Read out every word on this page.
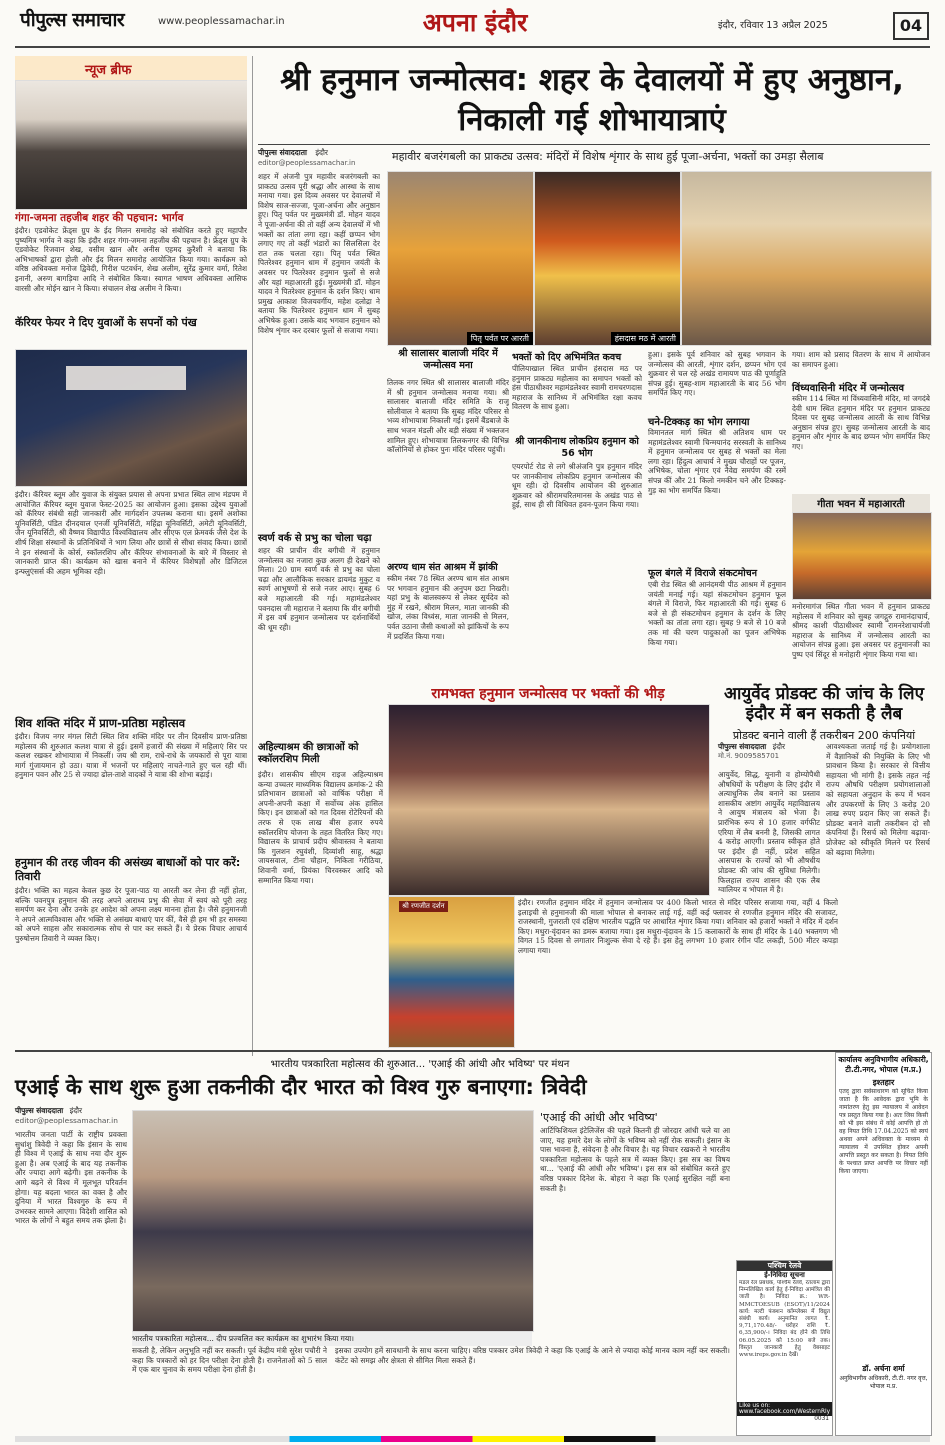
पीपुल्स समाचार	www.peoplessamachar.in	अपना इंदौर	इंदौर, रविवार 13 अप्रैल 2025	04
न्यूज ब्रीफ
गंगा-जमना तहजीब शहर की पहचान: भार्गव
इंदौर। एडवोकेट फ्रेंड्स ग्रुप के ईद मिलन समारोह को संबोधित करते हुए महापौर पुष्यमित्र भार्गव ने कहा कि इंदौर शहर गंगा-जमना तहजीब की पहचान है। फ्रेंड्स ग्रुप के एडवोकेट रिजवान शेख, वसीम खान और अनीस एहमद कुरैशी ने बताया कि अभिभाषकों द्वारा होली और ईद मिलन समारोह आयोजित किया गया। कार्यक्रम को वरिष्ठ अधिवक्ता मनोज द्विवेदी, गिरीश पटवर्धन, शेख अलीम, सुरेंद्र कुमार वर्मा, रितेश इनानी, अरुण बागड़िया आदि ने संबोधित किया। स्वागत भाषण अधिवक्ता आसिफ वारसी और मोईन खान ने किया। संचालन शेख अलीम ने किया।
कॅरियर फेयर ने दिए युवाओं के सपनों को पंख
इंदौर। कॅरियर ब्लूम और युवाज के संयुक्त प्रयास से अपना प्रभात स्थित लाभ मंडपम में आयोजित कॅरियर ब्लूम युवाज फेस्ट-2025 का आयोजन हुआ। इसका उद्देश्य युवाओं को कॅरियर संबंधी सही जानकारी और मार्गदर्शन उपलब्ध कराना था। इसमें अशोका यूनिवर्सिटी, पंडित दीनदयाल एनर्जी यूनिवर्सिटी, महिंद्रा यूनिवर्सिटी, अमेटी यूनिवर्सिटी, जैन यूनिवर्सिटी, श्री वैष्णव विद्यापीठ विश्वविद्यालय और सीएफ एल फ्रेमवर्क जैसे देश के शीर्ष शिक्षा संस्थानों के प्रतिनिधियों ने भाग लिया और छात्रों से सीधा संवाद किया। छात्रों ने इन संस्थानों के कोर्स, स्कॉलरशिप और कॅरियर संभावनाओं के बारे में विस्तार से जानकारी प्राप्त की। कार्यक्रम को खास बनाने में कॅरियर विशेषज्ञों और डिजिटल इन्फ्लुएंसर्स की अहम भूमिका रही।
शिव शक्ति मंदिर में प्राण-प्रतिष्ठा महोत्सव
इंदौर। विजय नगर मंगल सिटी स्थित शिव शक्ति मंदिर पर तीन दिवसीय प्राण-प्रतिष्ठा महोत्सव की शुरुआत कलश यात्रा से हुई। इसमें हजारों की संख्या में महिलाएं सिर पर कलश रखकर शोभायात्रा में निकलीं। जय श्री राम, राधे-राधे के जयकारों से पूरा यात्रा मार्ग गुंजायमान हो उठा। यात्रा में भजनों पर महिलाएं नाचते-गाते हुए चल रही थीं। हनुमान पवन और 25 से ज्यादा ढोल-ताशे वादकों ने यात्रा की शोभा बढ़ाई।
हनुमान की तरह जीवन की असंख्य बाधाओं को पार करें: तिवारी
इंदौर। भक्ति का महत्व केवल कुछ देर पूजा-पाठ या आरती कर लेना ही नहीं होता, बल्कि पवनपुत्र हनुमान की तरह अपने आराध्य प्रभु की सेवा में स्वयं को पूरी तरह समर्पण कर देना और उनके हर आदेश को अपना लक्ष्य मानना होता है। जैसे हनुमानजी ने अपने आत्मविश्वास और भक्ति से असंख्य बाधाएं पार कीं, वैसे ही हम भी हर समस्या को अपने साहस और सकारात्मक सोच से पार कर सकते हैं। ये प्रेरक विचार आचार्य पुरुषोत्तम तिवारी ने व्यक्त किए।
श्री हनुमान जन्मोत्सव: शहर के देवालयों में हुए अनुष्ठान, निकाली गई शोभायात्राएं
पीपुल्स संवाददाता इंदौर
editor@peoplessamachar.in	महावीर बजरंगबली का प्राकट्य उत्सव: मंदिरों में विशेष शृंगार के साथ हुई पूजा-अर्चना, भक्तों का उमड़ा सैलाब
शहर में अंजनी पुत्र महावीर बजरंगबली का प्राकट्य उत्सव पूरी श्रद्धा और आस्था के साथ मनाया गया। इस दिव्य अवसर पर देवालयों में विशेष साज-सज्जा, पूजा-अर्चना और अनुष्ठान हुए। पितृ पर्वत पर मुख्यमंत्री डॉ. मोहन यादव ने पूजा-अर्चना की तो वहीं अन्य देवालयों में भी भक्तों का तांता लगा रहा। कहीं छप्पन भोग लगाए गए तो कहीं भंडारों का सिलसिला देर रात तक चलता रहा। पितृ पर्वत स्थित पितरेश्वर हनुमान धाम में हनुमान जयंती के अवसर पर पितरेश्वर हनुमान फूलों से सजे और यहां महाआरती हुई। मुख्यमंत्री डॉ. मोहन यादव ने पितरेश्वर हनुमान के दर्शन किए। धाम प्रमुख आकाश विजयवर्गीय, महेश दलोद्रा ने बताया कि पितरेश्वर हनुमान धाम में सुबह अभिषेक हुआ। उसके बाद भगवान हनुमान को विशेष शृंगार कर दरबार फूलों से सजाया गया।
स्वर्ण वर्क से प्रभु का चोला चढ़ा
शहर की प्राचीन वीर बगीची में हनुमान जन्मोत्सव का नजारा कुछ अलग ही देखने को मिला। 20 ग्राम स्वर्ण वर्क से प्रभु का चोला चढ़ा और आलौकिक सरकार डायमंड मुकुट व स्वर्ण आभूषणों से सजे नजर आए। सुबह 6 बजे महाआरती की गई। महामंडलेश्वर पवनदास जी महाराज ने बताया कि वीर बगीची में इस वर्ष हनुमान जन्मोत्सव पर दर्शनार्थियों की धूम रही।
पितृ पर्वत पर आरती	हंसदास मठ में आरती
श्री सालासर बालाजी मंदिर में जन्मोत्सव मना
तिलक नगर स्थित श्री सालासर बालाजी मंदिर में श्री हनुमान जन्मोत्सव मनाया गया। श्री सालासर बालाजी मंदिर समिति के राजू सोलीवाल ने बताया कि सुबह मंदिर परिसर से भव्य शोभायात्रा निकाली गई। इसमें बैंडबाजे के साथ भजन मंडली और बड़ी संख्या में भक्तजन शामिल हुए। शोभायात्रा तिलकनगर की विभिन्न कॉलोनियों से होकर पुनः मंदिर परिसर पहुंची।
अरण्य धाम संत आश्रम में झांकी
स्कीम नंबर 78 स्थित अरण्य धाम संत आश्रम पर भगवान हनुमान की अनुपम छटा निखरी। यहां प्रभु के बालस्वरूप से लेकर सूर्यदेव को मुंह में रखने, श्रीराम मिलन, माता जानकी की खोज, लंका विध्वंस, माता जानकी से मिलन, पर्वत उठाना जैसी कथाओं को झांकियों के रूप में प्रदर्शित किया गया।
भक्तों को दिए अभिमंत्रित कवच
पीलियाखाल स्थित प्राचीन हंसदास मठ पर हनुमान प्राकट्य महोत्सव का समापन भक्तों को हंस पीठाधीश्वर महामंडलेश्वर स्वामी रामचरणदास महाराज के सानिध्य में अभिमंत्रित रक्षा कवच वितरण के साथ हुआ।
श्री जानकीनाथ लोकप्रिय हनुमान को 56 भोग
एयरपोर्ट रोड से लगे श्रीअंजनि पुत्र हनुमान मंदिर पर जानकीनाथ लोकप्रिय हनुमान जन्मोत्सव की धूम रही। दो दिवसीय आयोजन की शुरुआत शुक्रवार को श्रीरामचरितमानस के अखंड पाठ से हुई, साथ ही सी विधिवत हवन-पूजन किया गया।
हुआ। इसके पूर्व शनिवार को सुबह भगवान के जन्मोत्सव की आरती, शृंगार दर्शन, छप्पन भोग एवं शुक्रवार से चल रहे अखंड रामायण पाठ की पूर्णाहुति संपन्न हुई। सुबह-शाम महाआरती के बाद 56 भोग समर्पित किए गए।
चने-टिक्कड़ का भोग लगाया
विमानतल मार्ग स्थित श्री अतिशय धाम पर महामंडलेश्वर स्वामी चिन्मयानंद सरस्वती के सानिध्य में हनुमान जन्मोत्सव पर सुबह से भक्तों का मेला लगा रहा। हिंदुत्व आचार्य ने मुख्य चौराहों पर पूजन, अभिषेक, चोला शृंगार एवं नैवेद्य समर्पण की रस्में संपन्न कीं और 21 किलो नमकीन चने और टिक्कड़-गुड़ का भोग समर्पित किया।
फूल बंगले में विराजे संकटमोचन
एबी रोड स्थित श्री आनंदमयी पीठ आश्रम में हनुमान जयंती मनाई गई। यहां संकटमोचन हनुमान फूल बंगले में विराजे, फिर महाआरती की गई। सुबह 6 बजे से ही संकटमोचन हनुमान के दर्शन के लिए भक्तों का तांता लगा रहा। सुबह 9 बजे से 10 बजे तक मां की चरण पादुकाओं का पूजन अभिषेक किया गया।
गया। शाम को प्रसाद वितरण के साथ में आयोजन का समापन हुआ।
विंध्यवासिनी मंदिर में जन्मोत्सव
स्कीम 114 स्थित मां विंध्यवासिनी मंदिर, मां जगदंबे देवी धाम स्थित हनुमान मंदिर पर हनुमान प्राकट्य दिवस पर सुबह जन्मोत्सव आरती के साथ विभिन्न अनुष्ठान संपन्न हुए। सुबह जन्मोत्सव आरती के बाद हनुमान और शृंगार के बाद छप्पन भोग समर्पित किए गए।
गीता भवन में महाआरती
मनोरमागंज स्थित गीता भवन में हनुमान प्राकट्य महोत्सव में शनिवार को सुबह जगद्गुरु रामानंदाचार्य, श्रीमद काशी पीठाधीश्वर स्वामी रामनरेशाचार्यजी महाराज के सानिध्य में जन्मोत्सव आरती का आयोजन संपन्न हुआ। इस अवसर पर हनुमानजी का पुष्प एवं सिंदूर से मनोहारी शृंगार किया गया था।
अहिल्याश्रम की छात्राओं को स्कॉलरशिप मिली
इंदौर। शासकीय सीएम राइज अहिल्याश्रम कन्या उच्चतर माध्यमिक विद्यालय क्रमांक-2 की प्रतिभावान छात्राओं को वार्षिक परीक्षा में अपनी-अपनी कक्षा में सर्वोच्च अंक हासिल किए। इन छात्राओं को गत दिवस रोटेरियनों की तरफ से एक लाख बीस हजार रुपये स्कॉलरशिप योजना के तहत वितरित किए गए। विद्यालय के प्राचार्य प्रदीप श्रीवास्तव ने बताया कि गुलशन रघुवंशी, दिव्यांशी साहू, श्रद्धा जायसवाल, टीना चौहान, निकिता गरीठिया, शिवानी वर्मा, प्रियंका चिरवस्कर आदि को सम्मानित किया गया।
रामभक्त हनुमान जन्मोत्सव पर भक्तों की भीड़
श्री रणजीत दर्शन	इंदौर। रणजीत हनुमान मंदिर में हनुमान जन्मोत्सव पर 400 किलो भारत से मंदिर परिसर सजाया गया, वहीं 4 किलो इलाइची से हनुमानजी की माला भोपाल से बनाकर लाई गई, वहीं कई फ्लावर से रणजीत हनुमान मंदिर की सजावट, राजस्थानी, गुजराती एवं दक्षिण भारतीय पद्धति पर आधारित शृंगार किया गया। शनिवार को हजारों भक्तों ने मंदिर में दर्शन किए। मथुरा-वृंदावन का डमरू बजाया गया। इस मथुरा-वृंदावन के 15 कलाकारों के साथ ही मंदिर के 140 भक्तगण भी विगत 15 दिवस से लगातार निःशुल्क सेवा दे रहे हैं। इस हेतु लगभग 10 हजार रंगीन पॉट लकड़ी, 500 मीटर कपड़ा लगाया गया।
आयुर्वेद प्रोडक्ट की जांच के लिए इंदौर में बन सकती है लैब
प्रोडक्ट बनाने वाली हैं तकरीबन 200 कंपनियां
पीपुल्स संवाददाता इंदौर
मो.नं. 9009585701
आयुर्वेद, सिद्ध, यूनानी व होम्योपैथी औषधियों के परीक्षण के लिए इंदौर में अत्याधुनिक लैब बनाने का प्रस्ताव शासकीय अष्टांग आयुर्वेद महाविद्यालय ने आयुष मंत्रालय को भेजा है। प्रारंभिक रूप से 10 हजार वर्गफीट एरिया में लैब बननी है, जिसकी लागत 4 करोड़ आएगी। प्रस्ताव स्वीकृत होते पर इंदौर ही नहीं, प्रदेश सहित आसपास के राज्यों को भी औषधीय प्रोडक्ट की जांच की सुविधा मिलेगी। फिलहाल राज्य शासन की एक लैब ग्वालियर व भोपाल में है।
आवश्यकता जताई गई है। प्रयोगशाला में वैज्ञानिकों की नियुक्ति के लिए भी प्रावधान किया है। सरकार से वित्तीय सहायता भी मांगी है। इसके तहत नई राज्य औषधि परीक्षण प्रयोगशालाओं को सहायता अनुदान के रूप में भवन और उपकरणों के लिए 3 करोड़ 20 लाख रुपए प्रदान किए जा सकते हैं। प्रोडक्ट बनाने वाली तकरीबन दो सौ कंपनियां हैं। रिसर्च को मिलेगा बढ़ावा-प्रोजेक्ट को स्वीकृति मिलने पर रिसर्च को बढ़ावा मिलेगा।
भारतीय पत्रकारिता महोत्सव की शुरुआत... 'एआई की आंधी और भविष्य' पर मंथन
एआई के साथ शुरू हुआ तकनीकी दौर भारत को विश्व गुरु बनाएगा: त्रिवेदी
पीपुल्स संवाददाता इंदौर
editor@peoplessamachar.in
भारतीय जनता पार्टी के राष्ट्रीय प्रवक्ता सुधांशु त्रिवेदी ने कहा कि इंसान के साथ ही विश्व में एआई के साथ नया दौर शुरू हुआ है। अब एआई के बाद यह तकनीक और ज्यादा आगे बढ़ेगी। इस तकनीक के आगे बढ़ने से विश्व में मूलभूत परिवर्तन होगा। यह बदला भारत का वक्त है और दुनिया में भारत विश्वगुरु के रूप में उभरकर सामने आएगा। विदेशी शासित को भारत के लोगों ने बहुत समय तक झेला है।
भारतीय पत्रकारिता महोत्सव... दीप प्रज्वलित कर कार्यक्रम का शुभारंभ किया गया।
'एआई की आंधी और भविष्य'
आर्टिफिशियल इंटेलिजेंस की पहले कितनी ही जोरदार आंधी चले या आ जाए, यह हमारे देश के लोगों के भविष्य को नहीं रोक सकती। इंसान के पास भावना है, संवेदना है और विचार है। यह विचार रखकरो ने भारतीय पत्रकारिता महोत्सव के पहले सत्र में व्यक्त किए। इस सत्र का विषय था... 'एआई की आंधी और भविष्य'। इस सत्र को संबोधित करते हुए वरिष्ठ पत्रकार दिनेश के. बोहरा ने कहा कि एआई सुरक्षित नहीं बना सकती है।
सकती है, लेकिन अनुभूति नहीं कर सकती। पूर्व केंद्रीय मंत्री सुरेश पचौरी ने कहा कि पत्रकारों को हर दिन परीक्षा देना होती है। राजनेताओं को 5 साल में एक बार चुनाव के समय परीक्षा देना होती है।
इसका उपयोग हमें सावधानी के साथ करना चाहिए। वरिष्ठ पत्रकार उमेश त्रिवेदी ने कहा कि एआई के आने से ज्यादा कोई मानव काम नहीं कर सकती। कंटेंट को समझ और क्षेत्रता से सीमित मिला सकते हैं।
कार्यालय अनुविभागीय अधिकारी, टी.टी.नगर, भोपाल (म.प्र.)
इश्तहार
एतद् द्वारा सर्वसाधारण को सूचित किया जाता है कि आवेदक द्वारा भूमि के नामांतरण हेतु इस न्यायालय में आवेदन पत्र प्रस्तुत किया गया है। अतः जिस किसी को भी इस संबंध में कोई आपत्ति हो तो वह नियत तिथि 17.04.2025 को स्वयं अथवा अपने अधिवक्ता के माध्यम से न्यायालय में उपस्थित होकर अपनी आपत्ति प्रस्तुत कर सकता है। नियत तिथि के पश्चात प्राप्त आपत्ति पर विचार नहीं किया जाएगा।
डॉ. अर्चना शर्मा
अनुविभागीय अधिकारी, टी.टी. नगर वृत्त, भोपाल म.प्र.
पश्चिम रेलवे
ई-निविदा सूचना
मंडल रेल प्रबंधक, पश्चिम रेलवे, रतलाम द्वारा निम्नलिखित कार्य हेतु ई-निविदा आमंत्रित की जाती है। निविदा क्र.: WR-MMCTOESUB (ESOT)/11/2024 कार्य: मल्टी फंक्शन कॉम्प्लेक्स में विद्युत संबंधी कार्य। अनुमानित लागत ₹. 9,71,170.48/- धरोहर राशि ₹. 6,35,900/-। निविदा बंद होने की तिथि 06.05.2025 को 15:00 बजे तक। विस्तृत जानकारी हेतु वेबसाइट www.ireps.gov.in देखें।
Like us on: www.facebook.com/WesternRly
0031
